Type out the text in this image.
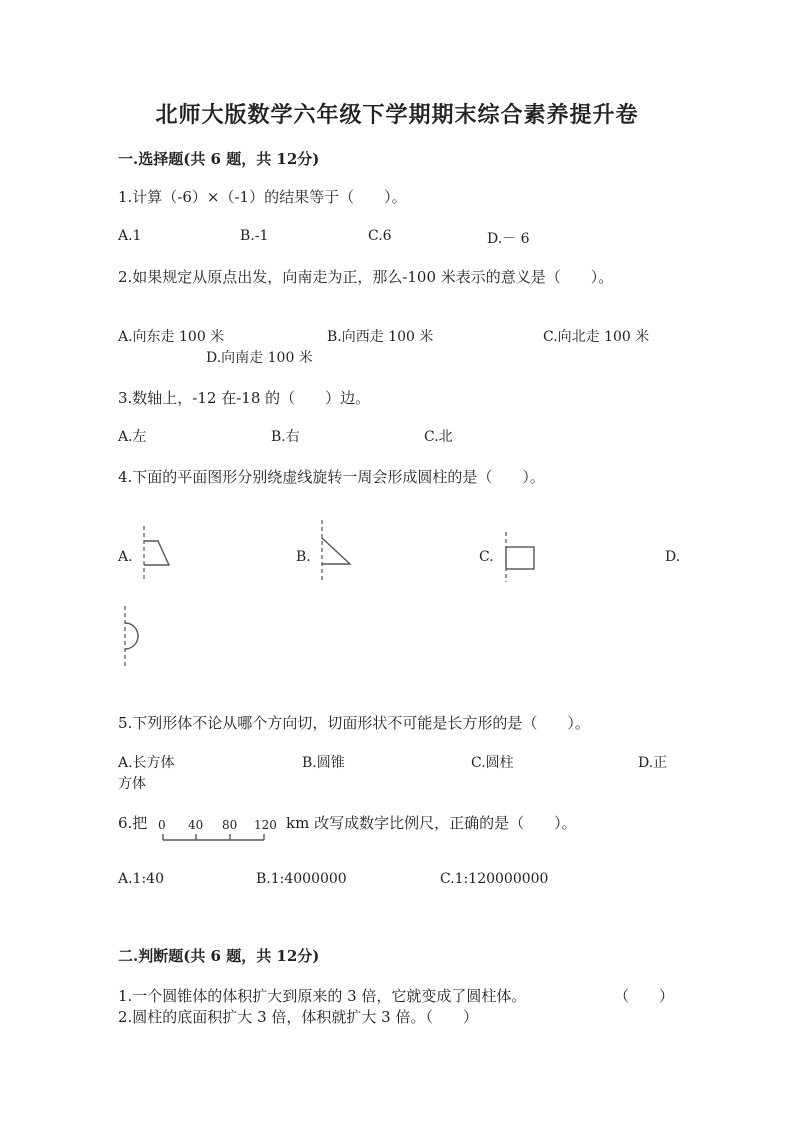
北师大版数学六年级下学期期末综合素养提升卷
一.选择题(共 6 题，共 12分)
1.计算（-6）×（-1）的结果等于（　　）。
A.1	B.-1	C.6	D.－ 6
2.如果规定从原点出发，向南走为正，那么-100 米表示的意义是（　　）。
A.向东走 100 米	B.向西走 100 米	C.向北走 100 米
D.向南走 100 米
3.数轴上，-12 在-18 的（　　）边。
A.左	B.右	C.北
4.下面的平面图形分别绕虚线旋转一周会形成圆柱的是（　　）。
A.	B.	C.	D.
5.下列形体不论从哪个方向切，切面形状不可能是长方形的是（　　）。
A.长方体	B.圆锥	C.圆柱	D.正
方体
6.把 0 40 80 120 km 改写成数字比例尺，正确的是（　　）。
A.1:40	B.1:4000000	C.1:120000000
二.判断题(共 6 题，共 12分)
1.一个圆锥体的体积扩大到原来的 3 倍，它就变成了圆柱体。	（　　）
2.圆柱的底面积扩大 3 倍，体积就扩大 3 倍。（　　）
